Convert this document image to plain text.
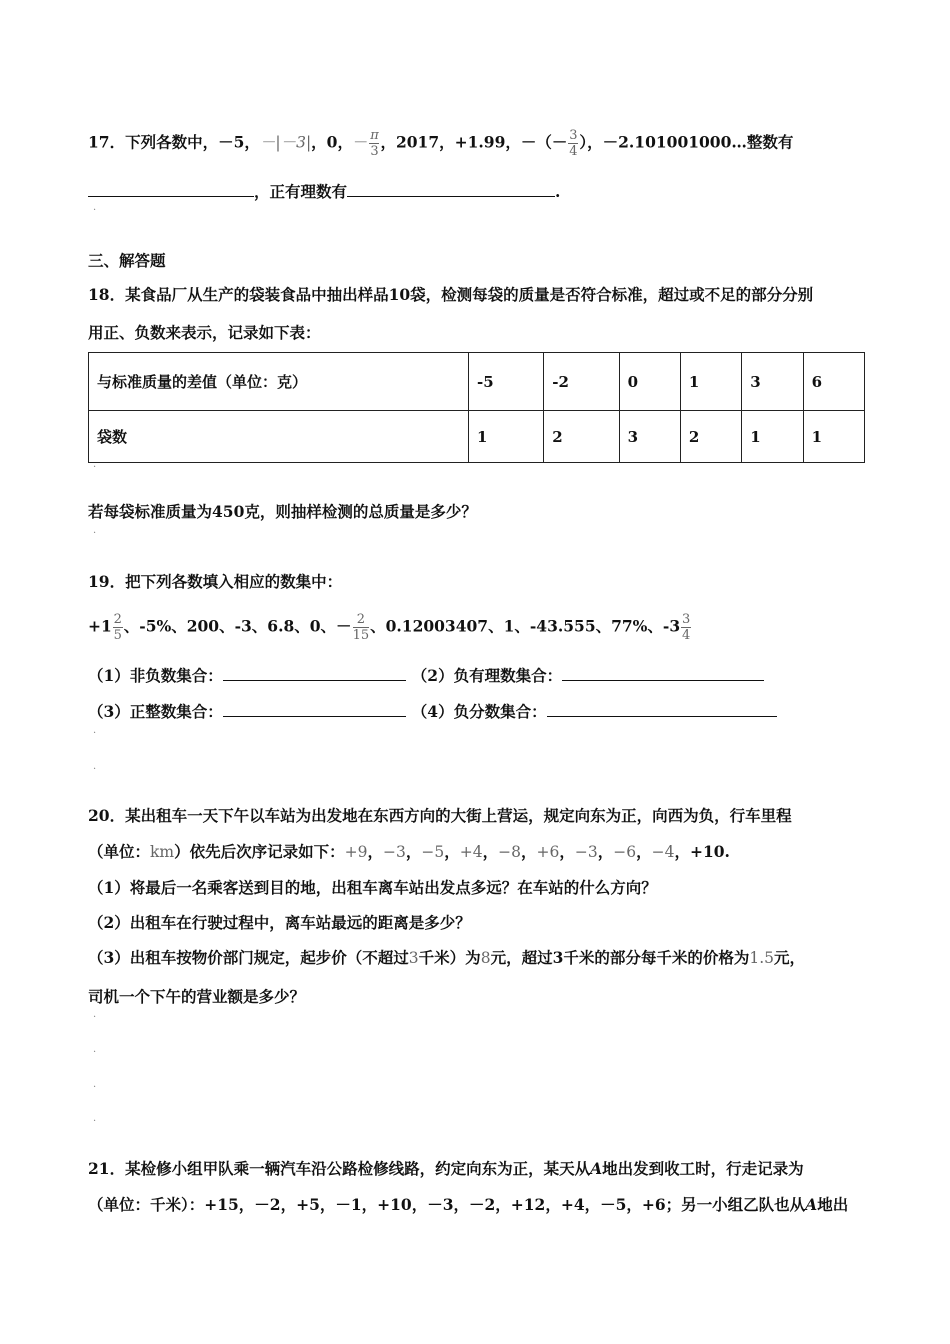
17．下列各数中，－5，－|－3|，0，－ $\frac{\pi}{3}$ ，2017，+1.99，－（－ $\frac{3}{4}$ ），－2.101001000…整数有
，正有理数有	.
·
三、解答题
18．某食品厂从生产的袋装食品中抽出样品10袋，检测每袋的质量是否符合标准，超过或不足的部分分别
用正、负数来表示，记录如下表：
与标准质量的差值（单位：克）	-5	-2	0	1	3	6
袋数	1	2	3	2	1	1
·
若每袋标准质量为450克，则抽样检测的总质量是多少？
·
19．把下列各数填入相应的数集中：
$+1 \frac{2}{5}$ 、-5%、200、-3、6.8、0、－ $\frac{2}{15}$ 、0.12003407、1、-43.555、77%、$-3 \frac{3}{4}$
（1）非负数集合：	（2）负有理数集合：
（3）正整数集合：	（4）负分数集合：
·
·
20．某出租车一天下午以车站为出发地在东西方向的大街上营运，规定向东为正，向西为负，行车里程
（单位：km）依先后次序记录如下：+9，−3，−5，+4，−8，+6，−3，−6，−4，+10.
（1）将最后一名乘客送到目的地，出租车离车站出发点多远？在车站的什么方向？
（2）出租车在行驶过程中，离车站最远的距离是多少？
（3）出租车按物价部门规定，起步价（不超过3千米）为8元，超过3千米的部分每千米的价格为1.5元，
司机一个下午的营业额是多少？
·
·
·
·
21．某检修小组甲队乘一辆汽车沿公路检修线路，约定向东为正，某天从A地出发到收工时，行走记录为
（单位：千米）：+15，－2，+5，－1，+10，－3，－2，+12，+4，－5，+6；另一小组乙队也从A地出
